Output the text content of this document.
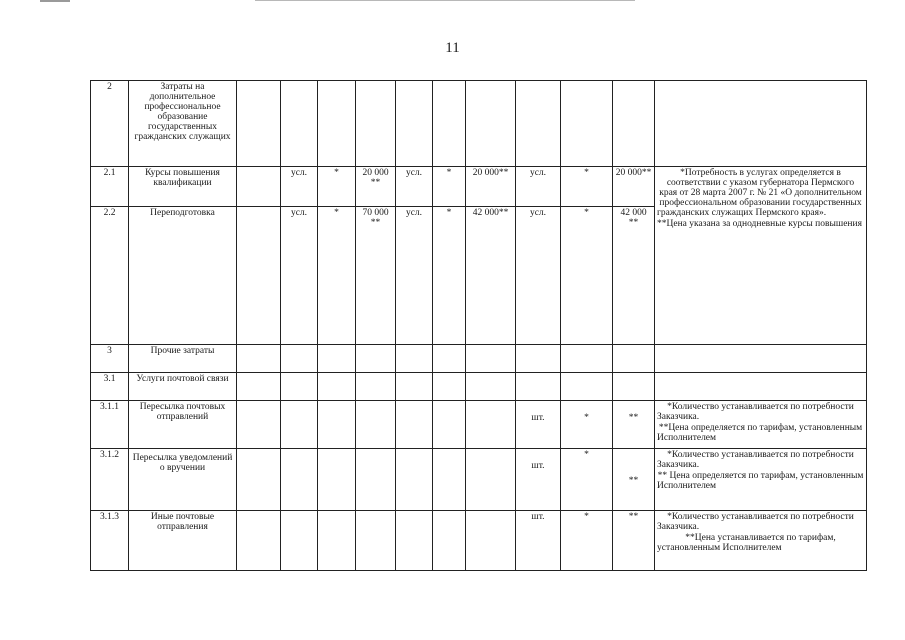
11
2	Затраты на дополнительное профессиональное образование государственных гражданских служащих											
2.1	Курсы повышения квалификации		усл.	*	20 000 **	усл.	*	20 000**	усл.	*	20 000**	*Потребность в услугах определяется в соответствии с указом губернатора Пермского края от 28 марта 2007 г. № 21 «О дополнительном профессиональном образовании государственных гражданских служащих Пермского края».

**Цена указана за однодневные курсы повышения

2.2	Переподготовка		усл.	*	70 000 **	усл.	*	42 000**	усл.	*	42 000 **	
3	Прочие затраты											
3.1	Услуги почтовой связи											
3.1.1	Пересылка почтовых отправлений								шт.	*	**	*Количество устанавливается по потребности Заказчика.

**Цена определяется по тарифам, установленным Исполнителем

3.1.2	Пересылка уведомлений о вручении								шт.	*	**	*Количество устанавливается по потребности Заказчика.

** Цена определяется по тарифам, установленным Исполнителем

3.1.3	Иные почтовые отправления								шт.	*	**	*Количество устанавливается по потребности Заказчика.

**Цена устанавливается по тарифам, установленным Исполнителем
